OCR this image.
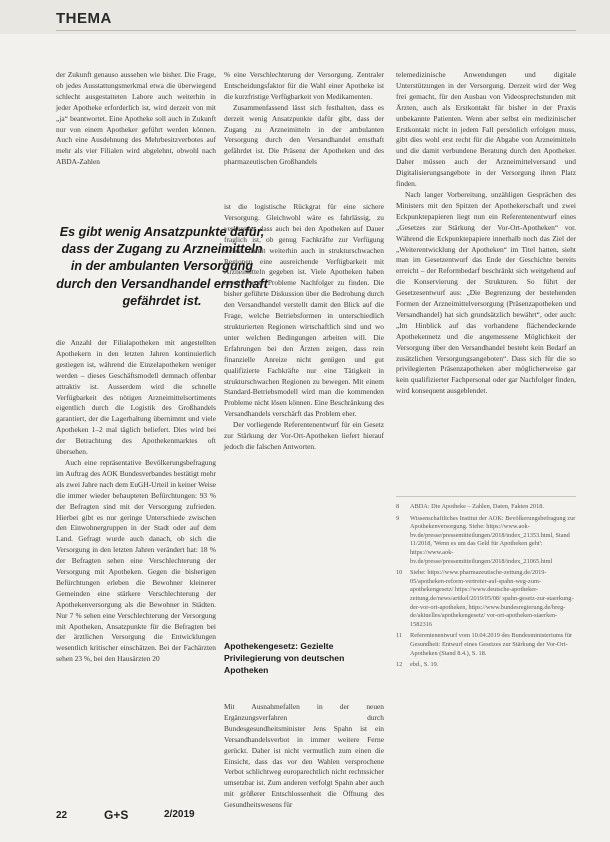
THEMA

der Zukunft genauso aussehen wie bisher. Die Frage, ob jedes Ausstattungsmerkmal etwa die überwiegend schlecht ausgestatteten Labore auch weiterhin in jeder Apotheke erforderlich ist, wird derzeit von mit „ja“ beantwortet. Eine Apotheke soll auch in Zukunft nur von einem Apotheker geführt werden können. Auch eine Ausdehnung des Mehrbesitzverbotes auf mehr als vier Filialen wird abgelehnt, obwohl nach ABDA-Zahlen

Es gibt wenig Ansatzpunkte dafür, dass der Zugang zu Arzneimitteln in der ambulanten Versorgung durch den Versandhandel ernsthaft gefährdet ist.

die Anzahl der Filialapotheken mit angestellten Apothekern in den letzten Jahren kontinuierlich gestiegen ist, während die Einzelapotheken weniger werden – dieses Geschäftsmodell demnach offenbar attraktiv ist. Ausserdem wird die schnelle Verfügbarkeit des nötigen Arzneimittelsortiments eigentlich durch die Logistik des Großhandels garantiert, der die Lagerhaltung übernimmt und viele Apotheken 1–2 mal täglich beliefert. Dies wird bei der Betrachtung des Apothekenmarktes oft übersehen.

Auch eine repräsentative Bevölkerungsbefragung im Auftrag des AOK Bundesverbandes bestätigt mehr als zwei Jahre nach dem EuGH-Urteil in keiner Weise die immer wieder behaupteten Befürchtungen: 93 % der Befragten sind mit der Versorgung zufrieden. Hierbei gibt es nur geringe Unterschiede zwischen den Einwohnergruppen in der Stadt oder auf dem Land. Gefragt wurde auch danach, ob sich die Versorgung in den letzten Jahren verändert hat: 18 % der Befragten sehen eine Verschlechterung der Versorgung mit Apotheken. Gegen die bisherigen Befürchtungen erleben die Bewohner kleinerer Gemeinden eine stärkere Verschlechterung der Apothekenversorgung als die Bewohner in Städten. Nur 7 % sehen eine Verschlechterung der Versorgung mit Apotheken, Ansatzpunkte für die Befragten bei der ärztlichen Versorgung die Entwicklungen wesentlich kritischer einschätzen. Bei der Fachärzten sehen 23 %, bei den Hausärzten 20

% eine Verschlechterung der Versorgung. Zentraler Entscheidungsfaktor für die Wahl einer Apotheke ist die kurzfristige Verfügbarkeit von Medikamenten.

Zusammenfassend lässt sich festhalten, dass es derzeit wenig Ansatzpunkte dafür gibt, dass der Zugang zu Arzneimitteln in der ambulanten Versorgung durch den Versandhandel ernsthaft gefährdet ist. Die Präsenz der Apotheken und des pharmazeutischen Großhandels

ist die logistische Rückgrat für eine sichere Versorgung. Gleichwohl wäre es fahrlässig, zu verkennen, dass auch bei den Apotheken auf Dauer fraglich ist, ob genug Fachkräfte zur Verfügung stehen, damit weiterhin auch in strukturschwachen Regionen eine ausreichende Verfügbarkeit mit Arzneimitteln gegeben ist. Viele Apotheken haben bereits heute Probleme Nachfolger zu finden. Die bisher geführte Diskussion über die Bedrohung durch den Versandhandel verstellt damit den Blick auf die Frage, welche Betriebsformen in unterschiedlich strukturierten Regionen wirtschaftlich sind und wo unter welchen Bedingungen arbeiten will. Die Erfahrungen bei den Ärzten zeigen, dass rein finanzielle Anreize nicht genügen und gut qualifizierte Fachkräfte nur eine Tätigkeit in strukturschwachen Regionen zu bewegen. Mit einem Standard-Betriebsmodell wird man die kommenden Probleme nicht lösen können. Eine Beschränkung des Versandhandels verschärft das Problem eher.

Der vorliegende Referentenentwurf für ein Gesetz zur Stärkung der Vor-Ort-Apotheken liefert hierauf jedoch die falschen Antworten.

Apothekengesetz: Gezielte Privilegierung von deutschen Apotheken

Mit Ausnahmefallen in der neuen Ergänzungsverfahren durch Bundesgesundheitsminister Jens Spahn ist ein Versandhandelsverbot in immer weitere Ferne gerückt. Daher ist nicht vermutlich zum einen die Einsicht, dass das vor den Wahlen versprochene Verbot schlichtweg europarechtlich nicht rechtssicher umsetzbar ist. Zum anderen verfolgt Spahn aber auch mit größerer Entschlossenheit die Öffnung des Gesundheitswesens für

telemedizinische Anwendungen und digitale Unterstützungen in der Versorgung. Derzeit wird der Weg frei gemacht, für den Ausbau von Videosprechstunden mit Ärzten, auch als Erstkontakt für bisher in der Praxis unbekannte Patienten. Wenn aber selbst ein medizinischer Erstkontakt nicht in jedem Fall persönlich erfolgen muss, gibt dies wohl erst recht für die Abgabe von Arzneimitteln und die damit verbundene Beratung durch den Apotheker. Daher müssen auch der Arzneimittelversand und Digitalisierungsangebote in der Versorgung ihren Platz finden.

Nach langer Vorbereitung, unzähligen Gesprächen des Ministers mit den Spitzen der Apothekerschaft und zwei Eckpunktepapieren liegt nun ein Referentenentwurf eines „Gesetzes zur Stärkung der Vor-Ort-Apotheken“ vor. Während die Eckpunktepapiere innerhalb noch das Ziel der „Weiterentwicklung der Apotheken“ im Titel hatten, sieht man im Gesetzentwurf das Ende der Geschichte bereits erreicht – der Reformbedarf beschränkt sich weitgehend auf die Konservierung der Strukturen. So führt der Gesetzesentwurf aus: „Die Begrenzung der bestehenden Formen der Arzneimittelversorgung (Präsenzapotheken und Versandhandel) hat sich grundsätzlich bewährt“, oder auch: „Im Hinblick auf das vorhandene flächendeckende Apothekennetz und die angemessene Möglichkeit der Versorgung über den Versandhandel besteht kein Bedarf an zusätzlichen Versorgungsangeboten“. Dass sich für die so privilegierten Präsenzapotheken aber möglicherweise gar kein qualifizierter Fachpersonal oder gar Nachfolger finden, wird konsequent ausgeblendet.

8	ABDA: Die Apotheke – Zahlen, Daten, Fakten 2018.
9	Wissenschaftliches Institut der AOK: Bevölkerungsbefragung zur Apothekenversorgung. Siehe: https://www.aok-bv.de/presse/pressemitteilungen/2018/index_21353.html, Stand 11/2018, 'Wenn es um das Geld für Apotheken geht': https://www.aok-bv.de/presse/pressemitteilungen/2018/index_21065.html
10	Siehe: https://www.pharmazeutische-zeitung.de/2019-05/apotheken-reform-vertreter-auf-spahn-weg-zum-apothekengesetz/ https://www.deutsche-apotheker-zeitung.de/news/artikel/2019/05/08/ spahn-gesetz-zur-staerkung-der-vor-ort-apotheken, https://www.bundesregierung.de/breg-de/aktuelles/apothekengesetz/ vor-ort-apotheken-staerken-1582316
11	Referentenentwurf vom 10.04.2019 des Bundesministeriums für Gesundheit: Entwurf eines Gesetzes zur Stärkung der Vor-Ort-Apotheken (Stand 8.4.), S. 18.
12	ebd., S. 19.
22	G+S	2/2019
